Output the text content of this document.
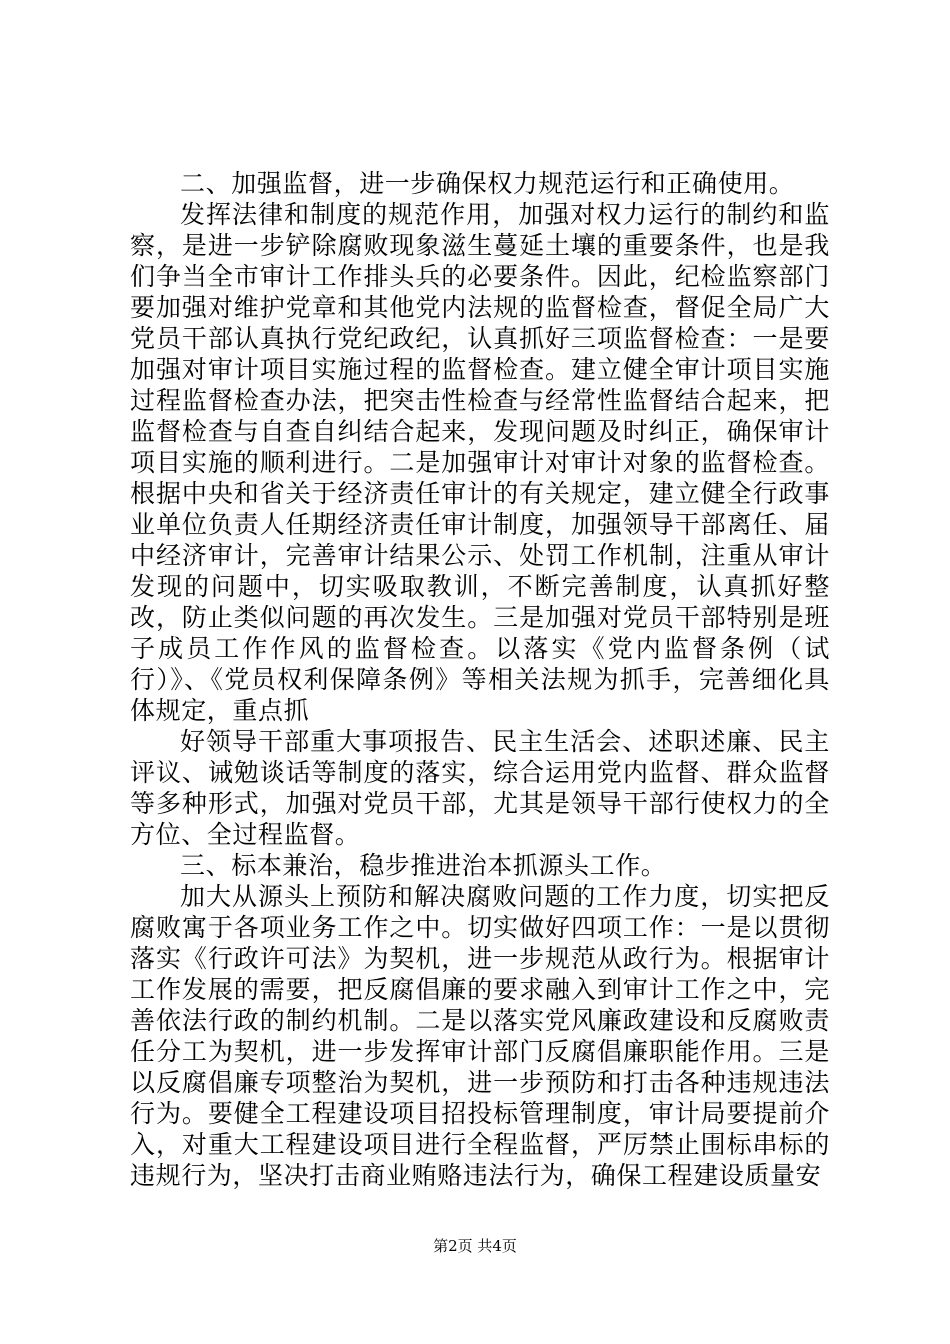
二、加强监督，进一步确保权力规范运行和正确使用。

发挥法律和制度的规范作用，加强对权力运行的制约和监察，是进一步铲除腐败现象滋生蔓延土壤的重要条件，也是我们争当全市审计工作排头兵的必要条件。因此，纪检监察部门要加强对维护党章和其他党内法规的监督检查，督促全局广大党员干部认真执行党纪政纪，认真抓好三项监督检查：一是要加强对审计项目实施过程的监督检查。建立健全审计项目实施过程监督检查办法，把突击性检查与经常性监督结合起来，把监督检查与自查自纠结合起来，发现问题及时纠正，确保审计项目实施的顺利进行。二是加强审计对审计对象的监督检查。根据中央和省关于经济责任审计的有关规定，建立健全行政事业单位负责人任期经济责任审计制度，加强领导干部离任、届中经济审计，完善审计结果公示、处罚工作机制，注重从审计发现的问题中，切实吸取教训，不断完善制度，认真抓好整改，防止类似问题的再次发生。三是加强对党员干部特别是班子成员工作作风的监督检查。以落实《党内监督条例（试行）》、《党员权利保障条例》等相关法规为抓手，完善细化具体规定，重点抓

好领导干部重大事项报告、民主生活会、述职述廉、民主评议、诫勉谈话等制度的落实，综合运用党内监督、群众监督等多种形式，加强对党员干部，尤其是领导干部行使权力的全方位、全过程监督。

三、标本兼治，稳步推进治本抓源头工作。

加大从源头上预防和解决腐败问题的工作力度，切实把反腐败寓于各项业务工作之中。切实做好四项工作：一是以贯彻落实《行政许可法》为契机，进一步规范从政行为。根据审计工作发展的需要，把反腐倡廉的要求融入到审计工作之中，完善依法行政的制约机制。二是以落实党风廉政建设和反腐败责任分工为契机，进一步发挥审计部门反腐倡廉职能作用。三是以反腐倡廉专项整治为契机，进一步预防和打击各种违规违法行为。要健全工程建设项目招投标管理制度，审计局要提前介入，对重大工程建设项目进行全程监督，严厉禁止围标串标的违规行为，坚决打击商业贿赂违法行为，确保工程建设质量安

第2页 共4页
